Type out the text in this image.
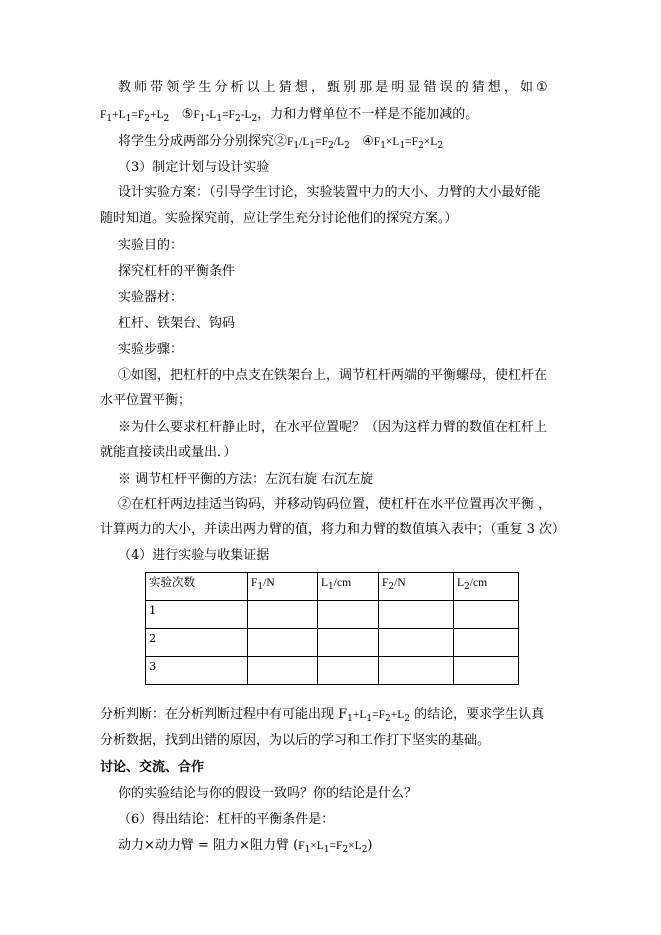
教 师 带 领 学 生 分 析 以 上 猜 想 ， 甄 别 那 是 明 显 错 误 的 猜 想 ， 如 ①
$F_1+L_1=F_2+L_2$ $⑤F_1-L_1=F_2-L_2$，力和力臂单位不一样是不能加减的。
将学生分成两部分分别探究$②F_1/L_1=F_2/L_2$ $④F_1\times L_1=F_2\times L_2$
（3）制定计划与设计实验
设计实验方案：（引导学生讨论，实验装置中力的大小、力臂的大小最好能
随时知道。实验探究前，应让学生充分讨论他们的探究方案。）
实验目的：
探究杠杆的平衡条件
实验器材：
杠杆、铁架台、钩码
实验步骤：
①如图，把杠杆的中点支在铁架台上，调节杠杆两端的平衡螺母，使杠杆在
水平位置平衡；
※为什么要求杠杆静止时，在水平位置呢？（因为这样力臂的数值在杠杆上
就能直接读出或量出．）
※ 调节杠杆平衡的方法：左沉右旋 右沉左旋
②在杠杆两边挂适当钩码，并移动钩码位置，使杠杆在水平位置再次平衡 ，
计算两力的大小，并读出两力臂的值，将力和力臂的数值填入表中；（重复 3 次）
（4）进行实验与收集证据
实验次数	$F_1/N$	$L_1/cm$	$F_2/N$	$L_2/cm$
1				
2				
3				
分析判断：在分析判断过程中有可能出现 $F_1+L_1=F_2+L_2$ 的结论，要求学生认真
分析数据，找到出错的原因，为以后的学习和工作打下坚实的基础。
讨论、交流、合作
你的实验结论与你的假设一致吗？你的结论是什么？
（6）得出结论：杠杆的平衡条件是：
动力×动力臂 = 阻力×阻力臂 $(F_1\times L_1=F_2\times L_2)$
